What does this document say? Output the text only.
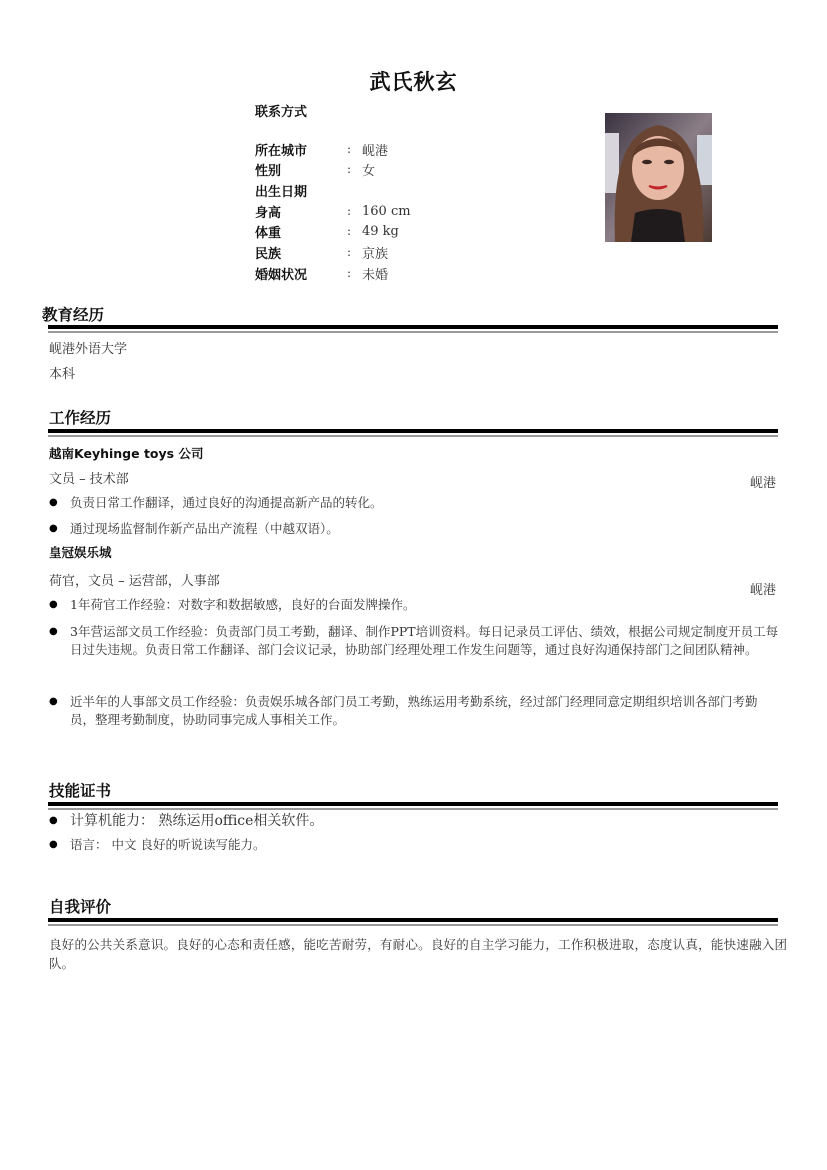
武氏秋玄
联系方式
所在城市	: 岘港
性别	: 女
出生日期
身高	: 160 cm
体重	: 49 kg
民族	: 京族
婚姻状况	: 未婚
教育经历
岘港外语大学
本科
工作经历
越南Keyhinge toys 公司
文员 – 技术部	岘港
● 负责日常工作翻译，通过良好的沟通提高新产品的转化。
● 通过现场监督制作新产品出产流程（中越双语）。
皇冠娱乐城
荷官，文员 – 运营部，人事部
岘港
● 1年荷官工作经验：对数字和数据敏感，良好的台面发牌操作。
● 3年营运部文员工作经验：负责部门员工考勤，翻译、制作PPT培训资料。每日记录员工评估、绩效，根据公司规定制度开员工每日过失违规。负责日常工作翻译、部门会议记录，协助部门经理处理工作发生问题等，通过良好沟通保持部门之间团队精神。
● 近半年的人事部文员工作经验：负责娱乐城各部门员工考勤，熟练运用考勤系统，经过部门经理同意定期组织培训各部门考勤员，整理考勤制度，协助同事完成人事相关工作。
技能证书
● 计算机能力： 熟练运用office相关软件。
● 语言： 中文 良好的听说读写能力。
自我评价
良好的公共关系意识。良好的心态和责任感，能吃苦耐劳，有耐心。良好的自主学习能力，工作积极进取，态度认真，能快速融入团队。
